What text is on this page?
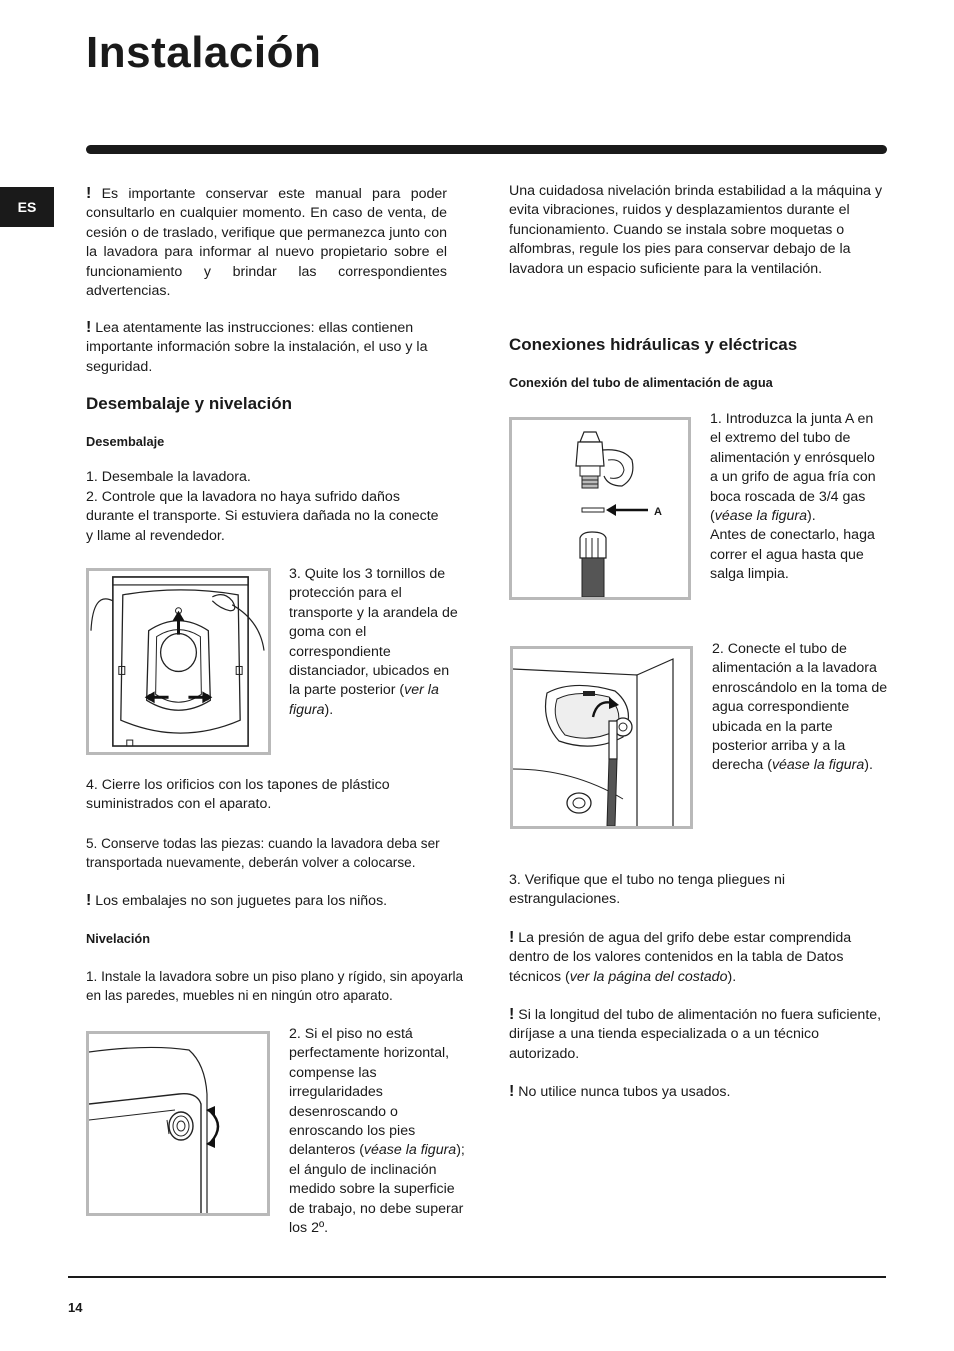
Instalación
ES

! Es importante conservar este manual para poder consultarlo en cualquier momento. En caso de venta, de cesión o de traslado, verifique que permanezca junto con la lavadora para informar al nuevo propietario sobre el funcionamiento y brindar las correspondientes advertencias.

! Lea atentamente las instrucciones: ellas contienen importante información sobre la instalación, el uso y la seguridad.

Desembalaje y nivelación
Desembalaje

1. Desembale la lavadora.

2. Controle que la lavadora no haya sufrido daños durante el transporte. Si estuviera dañada no la conecte y llame al revendedor.

3. Quite los 3 tornillos de protección para el transporte y la arandela de goma con el correspondiente distanciador, ubicados en la parte posterior (ver la figura).

4. Cierre los orificios con los tapones de plástico suministrados con el aparato.

5. Conserve todas las piezas: cuando la lavadora deba ser transportada nuevamente, deberán volver a colocarse.

! Los embalajes no son juguetes para los niños.

Nivelación

1. Instale la lavadora sobre un piso plano y rígido, sin apoyarla en las paredes, muebles ni en ningún otro aparato.

2. Si el piso no está perfectamente horizontal, compense las irregularidades desenroscando o enroscando los pies delanteros (véase la figura); el ángulo de inclinación medido sobre la superficie de trabajo, no debe superar los 2º.

Una cuidadosa nivelación brinda estabilidad a la máquina y evita vibraciones, ruidos y desplazamientos durante el funcionamiento. Cuando se instala sobre moquetas o alfombras, regule los pies para conservar debajo de la lavadora un espacio suficiente para la ventilación.

Conexiones hidráulicas y eléctricas
Conexión del tubo de alimentación de agua
A

1. Introduzca la junta A en el extremo del tubo de alimentación y enrósquelo a un grifo de agua fría con boca roscada de 3/4 gas (véase la figura).
Antes de conectarlo, haga correr el agua hasta que salga limpia.

2. Conecte el tubo de alimentación a la lavadora enroscándolo en la toma de agua correspondiente ubicada en la parte posterior arriba y a la derecha (véase la figura).

3. Verifique que el tubo no tenga pliegues ni estrangulaciones.

! La presión de agua del grifo debe estar comprendida dentro de los valores contenidos en la tabla de Datos técnicos (ver la página del costado).

! Si la longitud del tubo de alimentación no fuera suficiente, diríjase a una tienda especializada o a un técnico autorizado.

! No utilice nunca tubos ya usados.

14
